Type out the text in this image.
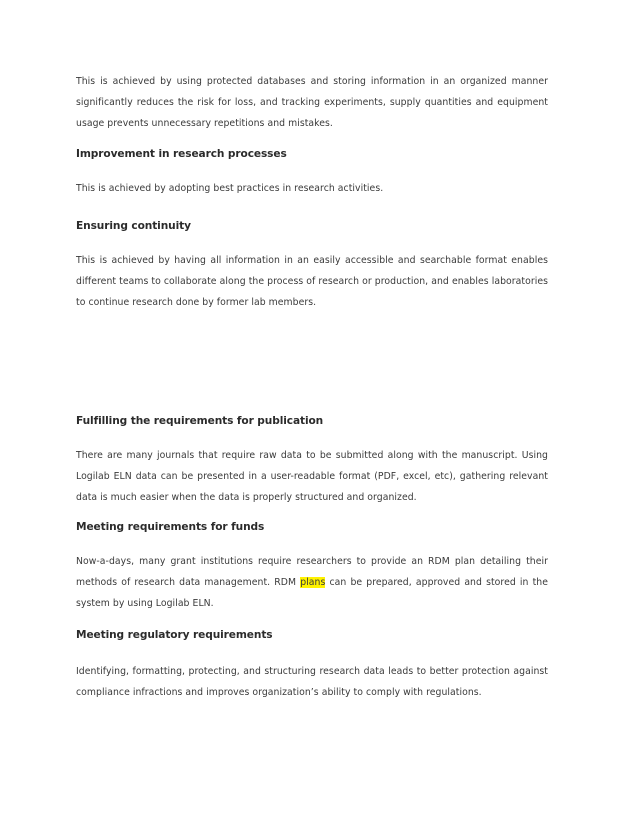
This is achieved by using protected databases and storing information in an organized manner significantly reduces the risk for loss, and tracking experiments, supply quantities and equipment usage prevents unnecessary repetitions and mistakes.

Improvement in research processes

This is achieved by adopting best practices in research activities.

Ensuring continuity

This is achieved by having all information in an easily accessible and searchable format enables different teams to collaborate along the process of research or production, and enables laboratories to continue research done by former lab members.

Fulfilling the requirements for publication

There are many journals that require raw data to be submitted along with the manuscript. Using Logilab ELN data can be presented in a user-readable format (PDF, excel, etc), gathering relevant data is much easier when the data is properly structured and organized.

Meeting requirements for funds

Now-a-days, many grant institutions require researchers to provide an RDM plan detailing their methods of research data management. RDM plans can be prepared, approved and stored in the system by using Logilab ELN.

Meeting regulatory requirements

Identifying, formatting, protecting, and structuring research data leads to better protection against compliance infractions and improves organization’s ability to comply with regulations.
